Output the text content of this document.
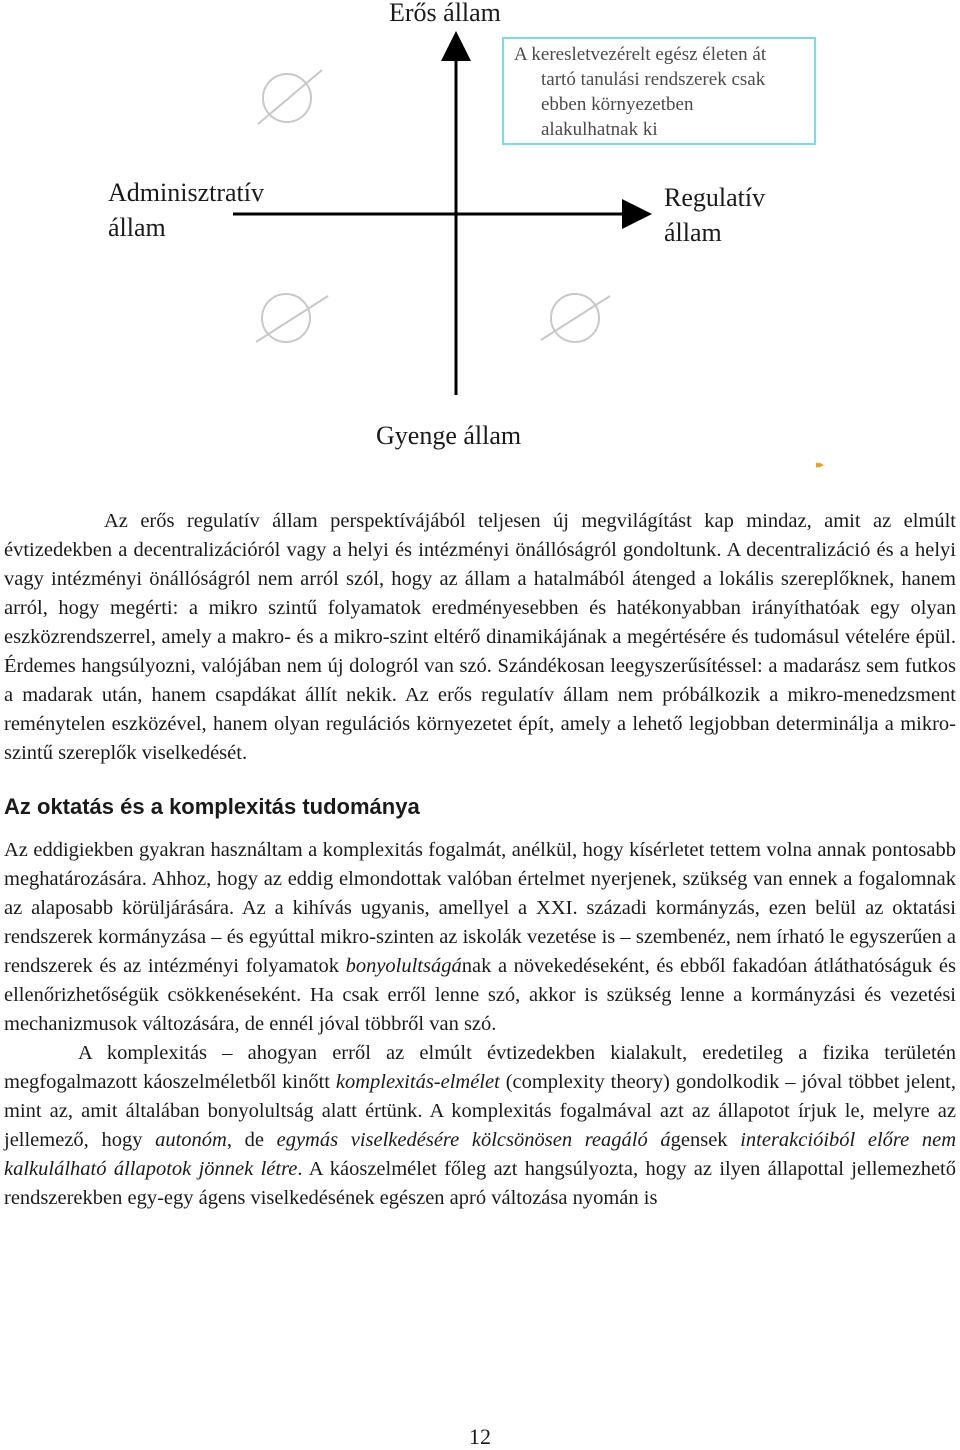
Erős állam
Adminisztratív
állam
Regulatív
állam
Gyenge állam
A keresletvezérelt egész életen át
tartó tanulási rendszerek csak
ebben környezetben
alakulhatnak ki
▸▸

Az erős regulatív állam perspektívájából teljesen új megvilágítást kap mindaz, amit az elmúlt évtizedekben a decentralizációról vagy a helyi és intézményi önállóságról gondoltunk. A decentralizáció és a helyi vagy intézményi önállóságról nem arról szól, hogy az állam a hatalmából átenged a lokális szereplőknek, hanem arról, hogy megérti: a mikro szintű folyamatok eredményesebben és hatékonyabban irányíthatóak egy olyan eszközrendszerrel, amely a makro- és a mikro-szint eltérő dinamikájának a megértésére és tudomásul vételére épül. Érdemes hangsúlyozni, valójában nem új dologról van szó. Szándékosan leegyszerűsítéssel: a madarász sem futkos a madarak után, hanem csapdákat állít nekik. Az erős regulatív állam nem próbálkozik a mikro-menedzsment reménytelen eszközével, hanem olyan regulációs környezetet épít, amely a lehető legjobban determinálja a mikro-szintű szereplők viselkedését.

Az oktatás és a komplexitás tudománya

Az eddigiekben gyakran használtam a komplexitás fogalmát, anélkül, hogy kísérletet tettem volna annak pontosabb meghatározására. Ahhoz, hogy az eddig elmondottak valóban értelmet nyerjenek, szükség van ennek a fogalomnak az alaposabb körüljárására. Az a kihívás ugyanis, amellyel a XXI. századi kormányzás, ezen belül az oktatási rendszerek kormányzása – és egyúttal mikro-szinten az iskolák vezetése is – szembenéz, nem írható le egyszerűen a rendszerek és az intézményi folyamatok bonyolultságának a növekedéseként, és ebből fakadóan átláthatóságuk és ellenőrizhetőségük csökkenéseként. Ha csak erről lenne szó, akkor is szükség lenne a kormányzási és vezetési mechanizmusok változására, de ennél jóval többről van szó.

A komplexitás – ahogyan erről az elmúlt évtizedekben kialakult, eredetileg a fizika területén megfogalmazott káoszelméletből kinőtt komplexitás-elmélet (complexity theory) gondolkodik – jóval többet jelent, mint az, amit általában bonyolultság alatt értünk. A komplexitás fogalmával azt az állapotot írjuk le, melyre az jellemező, hogy autonóm, de egymás viselkedésére kölcsönösen reagáló ágensek interakcióiból előre nem kalkulálható állapotok jönnek létre. A káoszelmélet főleg azt hangsúlyozta, hogy az ilyen állapottal jellemezhető rendszerekben egy-egy ágens viselkedésének egészen apró változása nyomán is

12
